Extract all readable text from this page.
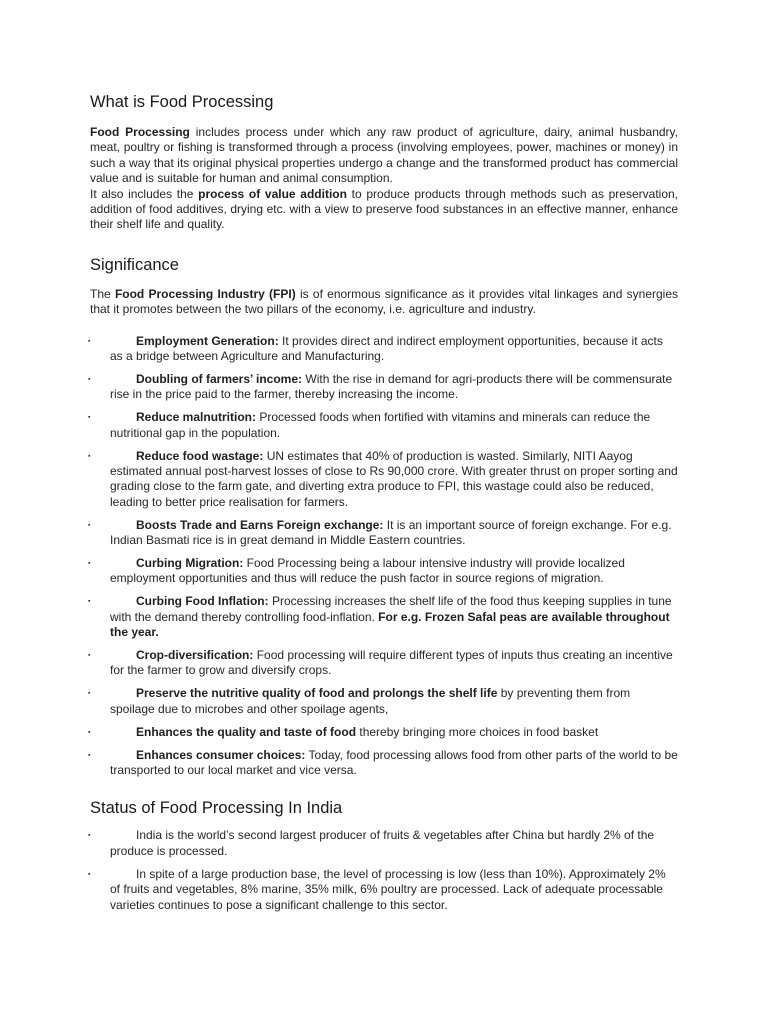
What is Food Processing

Food Processing includes process under which any raw product of agriculture, dairy, animal husbandry, meat, poultry or fishing is transformed through a process (involving employees, power, machines or money) in such a way that its original physical properties undergo a change and the transformed product has commercial value and is suitable for human and animal consumption.

It also includes the process of value addition to produce products through methods such as preservation, addition of food additives, drying etc. with a view to preserve food substances in an effective manner, enhance their shelf life and quality.

Significance

The Food Processing Industry (FPI) is of enormous significance as it provides vital linkages and synergies that it promotes between the two pillars of the economy, i.e. agriculture and industry.

▪	Employment Generation: It provides direct and indirect employment opportunities, because it acts as a bridge between Agriculture and Manufacturing.
▪	Doubling of farmers’ income: With the rise in demand for agri-products there will be commensurate rise in the price paid to the farmer, thereby increasing the income.
▪	Reduce malnutrition: Processed foods when fortified with vitamins and minerals can reduce the nutritional gap in the population.
▪	Reduce food wastage: UN estimates that 40% of production is wasted. Similarly, NITI Aayog estimated annual post-harvest losses of close to Rs 90,000 crore. With greater thrust on proper sorting and grading close to the farm gate, and diverting extra produce to FPI, this wastage could also be reduced, leading to better price realisation for farmers.
▪	Boosts Trade and Earns Foreign exchange: It is an important source of foreign exchange. For e.g. Indian Basmati rice is in great demand in Middle Eastern countries.
▪	Curbing Migration: Food Processing being a labour intensive industry will provide localized employment opportunities and thus will reduce the push factor in source regions of migration.
▪	Curbing Food Inflation: Processing increases the shelf life of the food thus keeping supplies in tune with the demand thereby controlling food-inflation. For e.g. Frozen Safal peas are available throughout the year.
▪	Crop-diversification: Food processing will require different types of inputs thus creating an incentive for the farmer to grow and diversify crops.
▪	Preserve the nutritive quality of food and prolongs the shelf life by preventing them from spoilage due to microbes and other spoilage agents,
▪	Enhances the quality and taste of food thereby bringing more choices in food basket
▪	Enhances consumer choices: Today, food processing allows food from other parts of the world to be transported to our local market and vice versa.
Status of Food Processing In India
▪	India is the world’s second largest producer of fruits & vegetables after China but hardly 2% of the produce is processed.
▪	In spite of a large production base, the level of processing is low (less than 10%). Approximately 2% of fruits and vegetables, 8% marine, 35% milk, 6% poultry are processed. Lack of adequate processable varieties continues to pose a significant challenge to this sector.
